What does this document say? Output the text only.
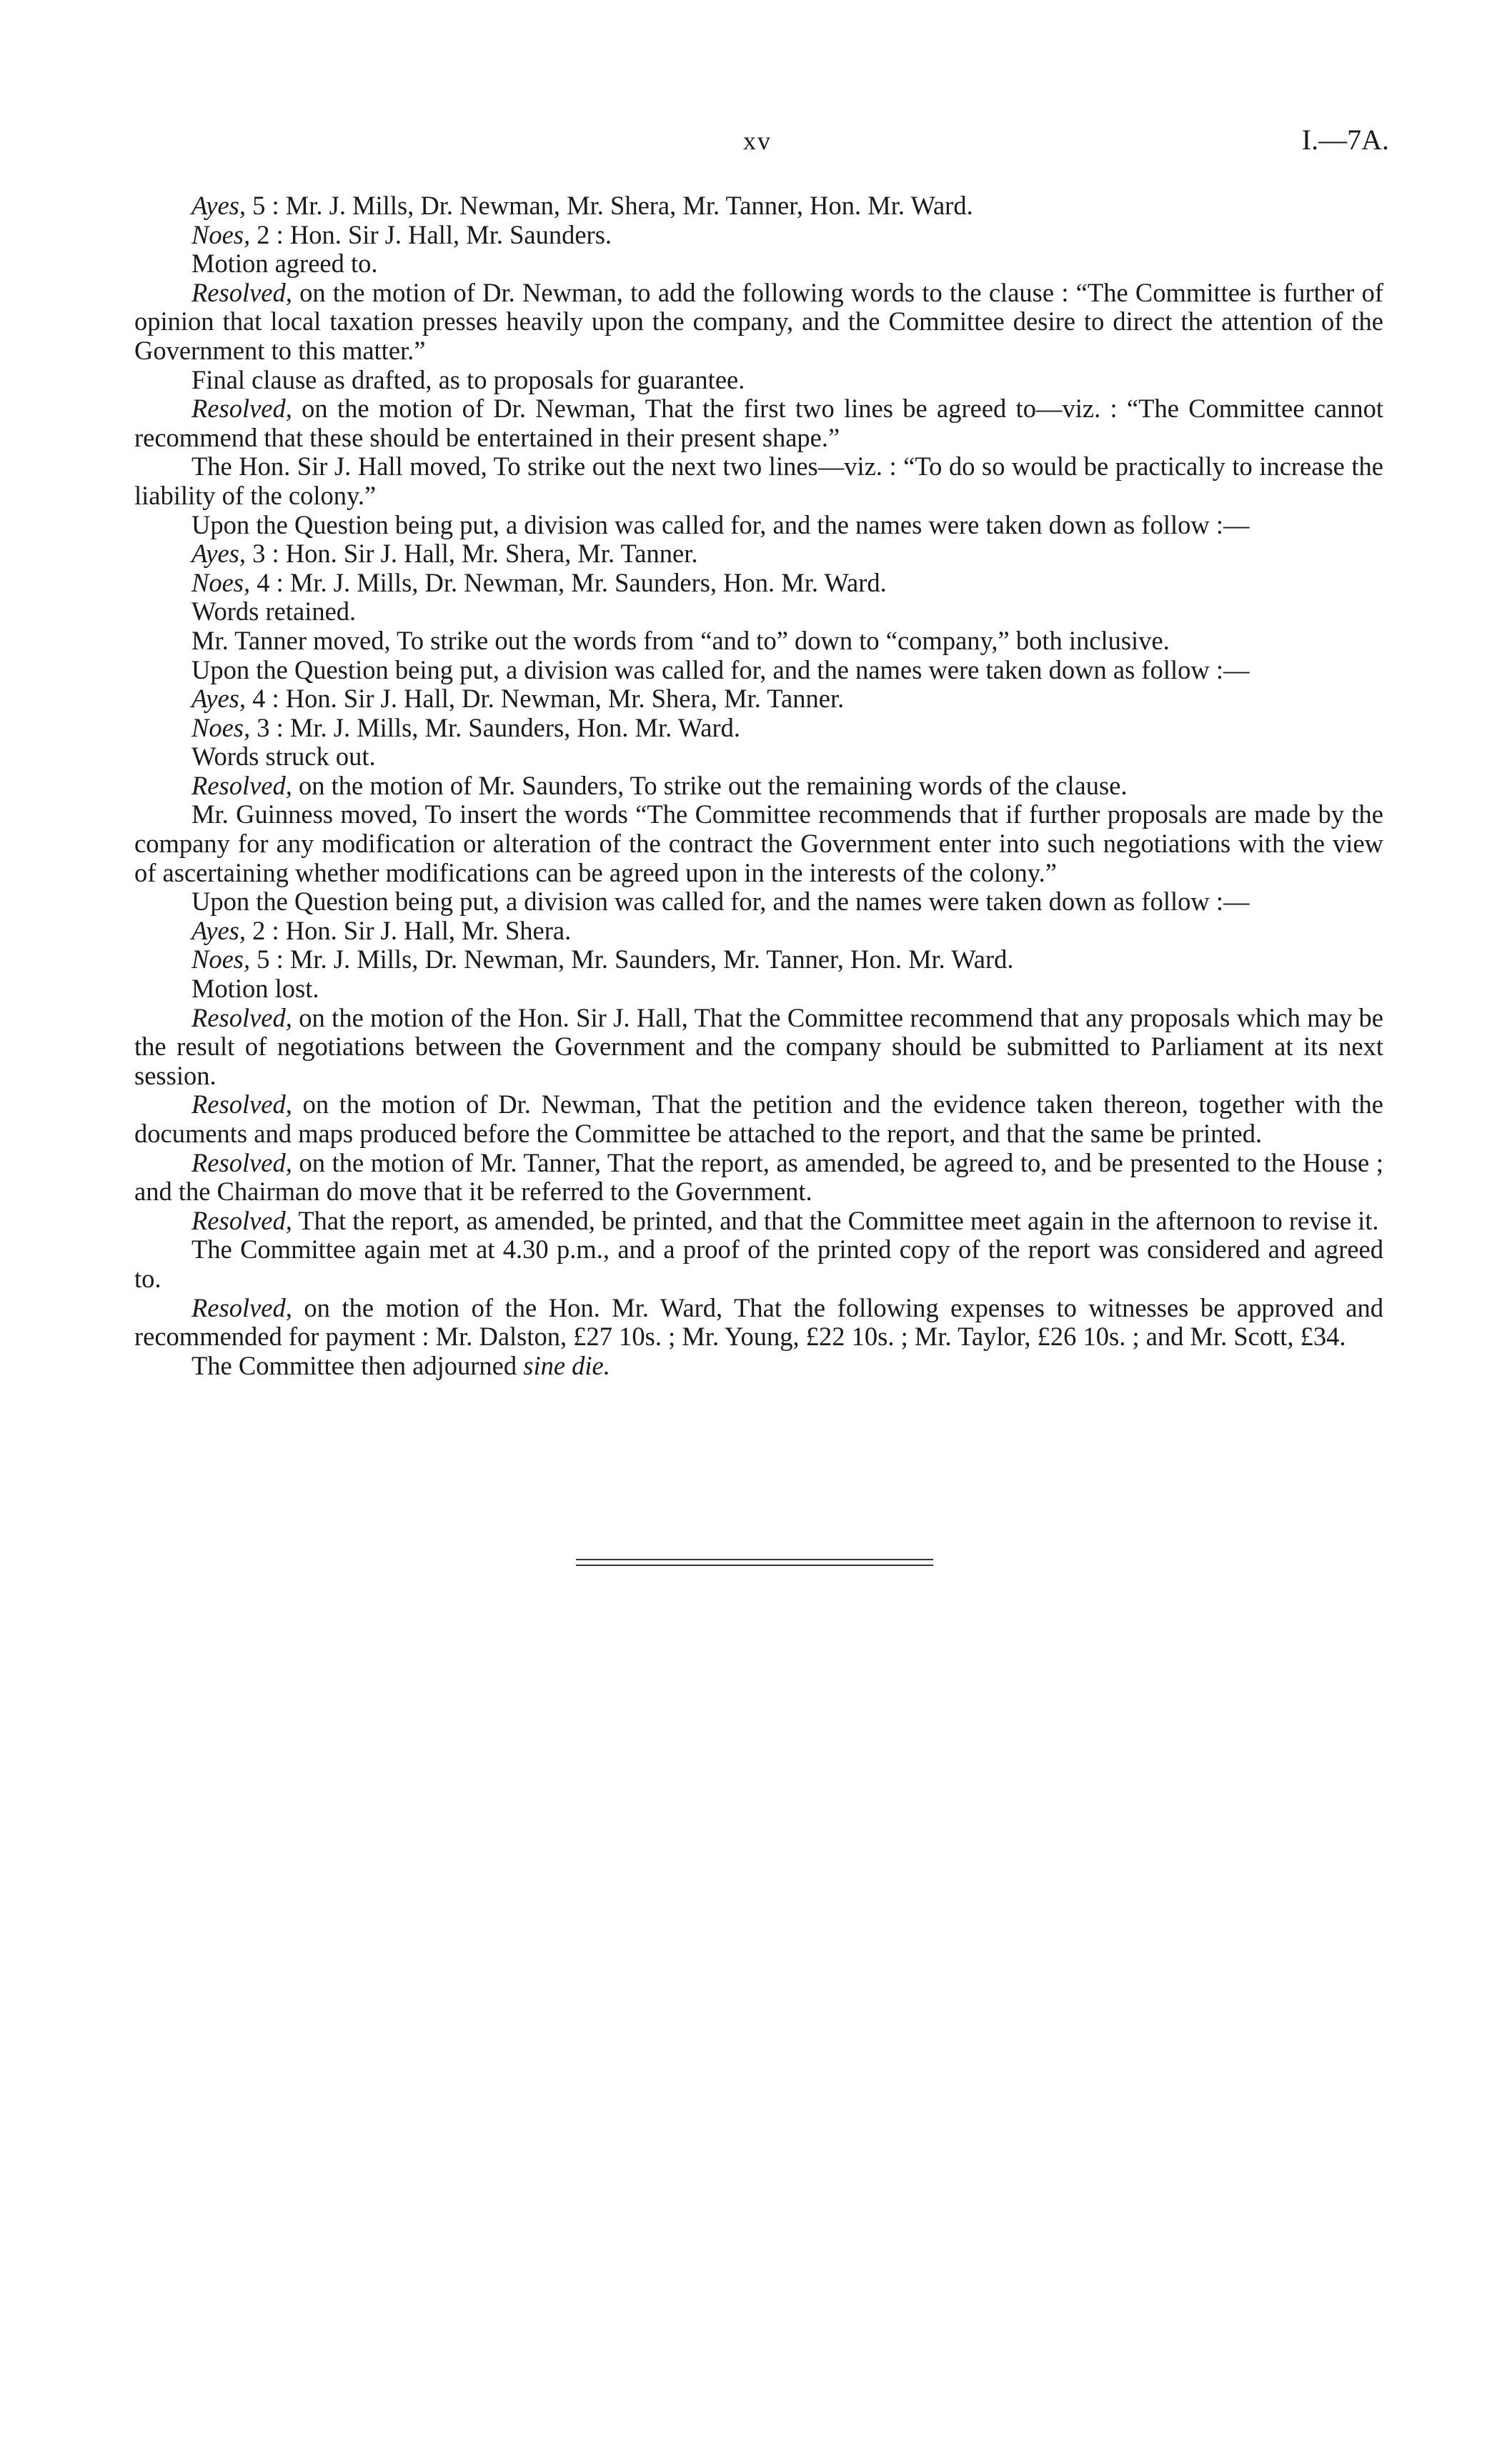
xv	I.—7A.

Ayes, 5 : Mr. J. Mills, Dr. Newman, Mr. Shera, Mr. Tanner, Hon. Mr. Ward.

Noes, 2 : Hon. Sir J. Hall, Mr. Saunders.

Motion agreed to.

Resolved, on the motion of Dr. Newman, to add the following words to the clause : “The Committee is further of opinion that local taxation presses heavily upon the company, and the Committee desire to direct the attention of the Government to this matter.”

Final clause as drafted, as to proposals for guarantee.

Resolved, on the motion of Dr. Newman, That the first two lines be agreed to—viz. : “The Committee cannot recommend that these should be entertained in their present shape.”

The Hon. Sir J. Hall moved, To strike out the next two lines—viz. : “To do so would be practically to increase the liability of the colony.”

Upon the Question being put, a division was called for, and the names were taken down as follow :—

Ayes, 3 : Hon. Sir J. Hall, Mr. Shera, Mr. Tanner.

Noes, 4 : Mr. J. Mills, Dr. Newman, Mr. Saunders, Hon. Mr. Ward.

Words retained.

Mr. Tanner moved, To strike out the words from “and to” down to “company,” both inclusive.

Upon the Question being put, a division was called for, and the names were taken down as follow :—

Ayes, 4 : Hon. Sir J. Hall, Dr. Newman, Mr. Shera, Mr. Tanner.

Noes, 3 : Mr. J. Mills, Mr. Saunders, Hon. Mr. Ward.

Words struck out.

Resolved, on the motion of Mr. Saunders, To strike out the remaining words of the clause.

Mr. Guinness moved, To insert the words “The Committee recommends that if further proposals are made by the company for any modification or alteration of the contract the Government enter into such negotiations with the view of ascertaining whether modifications can be agreed upon in the interests of the colony.”

Upon the Question being put, a division was called for, and the names were taken down as follow :—

Ayes, 2 : Hon. Sir J. Hall, Mr. Shera.

Noes, 5 : Mr. J. Mills, Dr. Newman, Mr. Saunders, Mr. Tanner, Hon. Mr. Ward.

Motion lost.

Resolved, on the motion of the Hon. Sir J. Hall, That the Committee recommend that any proposals which may be the result of negotiations between the Government and the company should be submitted to Parliament at its next session.

Resolved, on the motion of Dr. Newman, That the petition and the evidence taken thereon, together with the documents and maps produced before the Committee be attached to the report, and that the same be printed.

Resolved, on the motion of Mr. Tanner, That the report, as amended, be agreed to, and be presented to the House ; and the Chairman do move that it be referred to the Government.

Resolved, That the report, as amended, be printed, and that the Committee meet again in the afternoon to revise it.

The Committee again met at 4.30 p.m., and a proof of the printed copy of the report was considered and agreed to.

Resolved, on the motion of the Hon. Mr. Ward, That the following expenses to witnesses be approved and recommended for payment : Mr. Dalston, £27 10s. ; Mr. Young, £22 10s. ; Mr. Taylor, £26 10s. ; and Mr. Scott, £34.

The Committee then adjourned sine die.
